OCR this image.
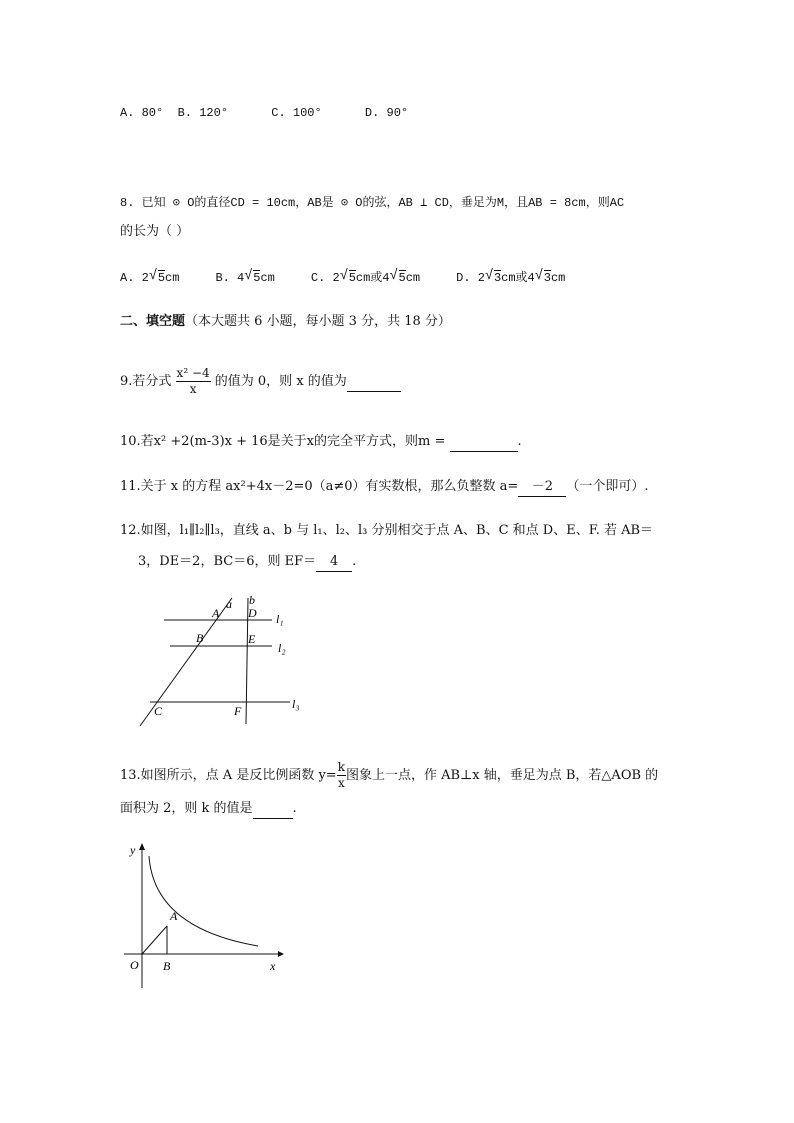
A. 80° B. 120°	C. 100°	D. 90°
8. 已知 ⊙ O的直径CD = 10cm，AB是 ⊙ O的弦，AB ⊥ CD，垂足为M，且AB = 8cm，则AC
的长为（ ）
A. 2 √ 5cm	B. 4 √ 5cm	C. 2 √ 5cm或4 √ 5cm	D. 2 √ 3cm或4 √ 3cm
二、填空题（本大题共 6 小题，每小题 3 分，共 18 分）
9.若分式 $\frac{\text{x² −4}}{x}$ 的值为 0，则 x 的值为
10.若x² +2(m-3)x + 16是关于x的完全平方式，则m =	.
11.关于 x 的方程 ax²+4x－2=0（a≠0）有实数根，那么负整数 a= －2 （一个即可）.
12.如图，l₁∥l₂∥l₃，直线 a、b 与 l₁、l₂、l₃ 分别相交于点 A、B、C 和点 D、E、F. 若 AB＝
3，DE＝2，BC＝6，则 EF＝ 4 .
a b
A D l₁
B	E
l₂
C	F	l₃
13.如图所示，点 A 是反比例函数 $y= \frac{k}{x}$ 图象上一点，作 AB⊥x 轴，垂足为点 B，若△AOB 的
面积为 2，则 k 的值是	.
y
x
O
A
B
